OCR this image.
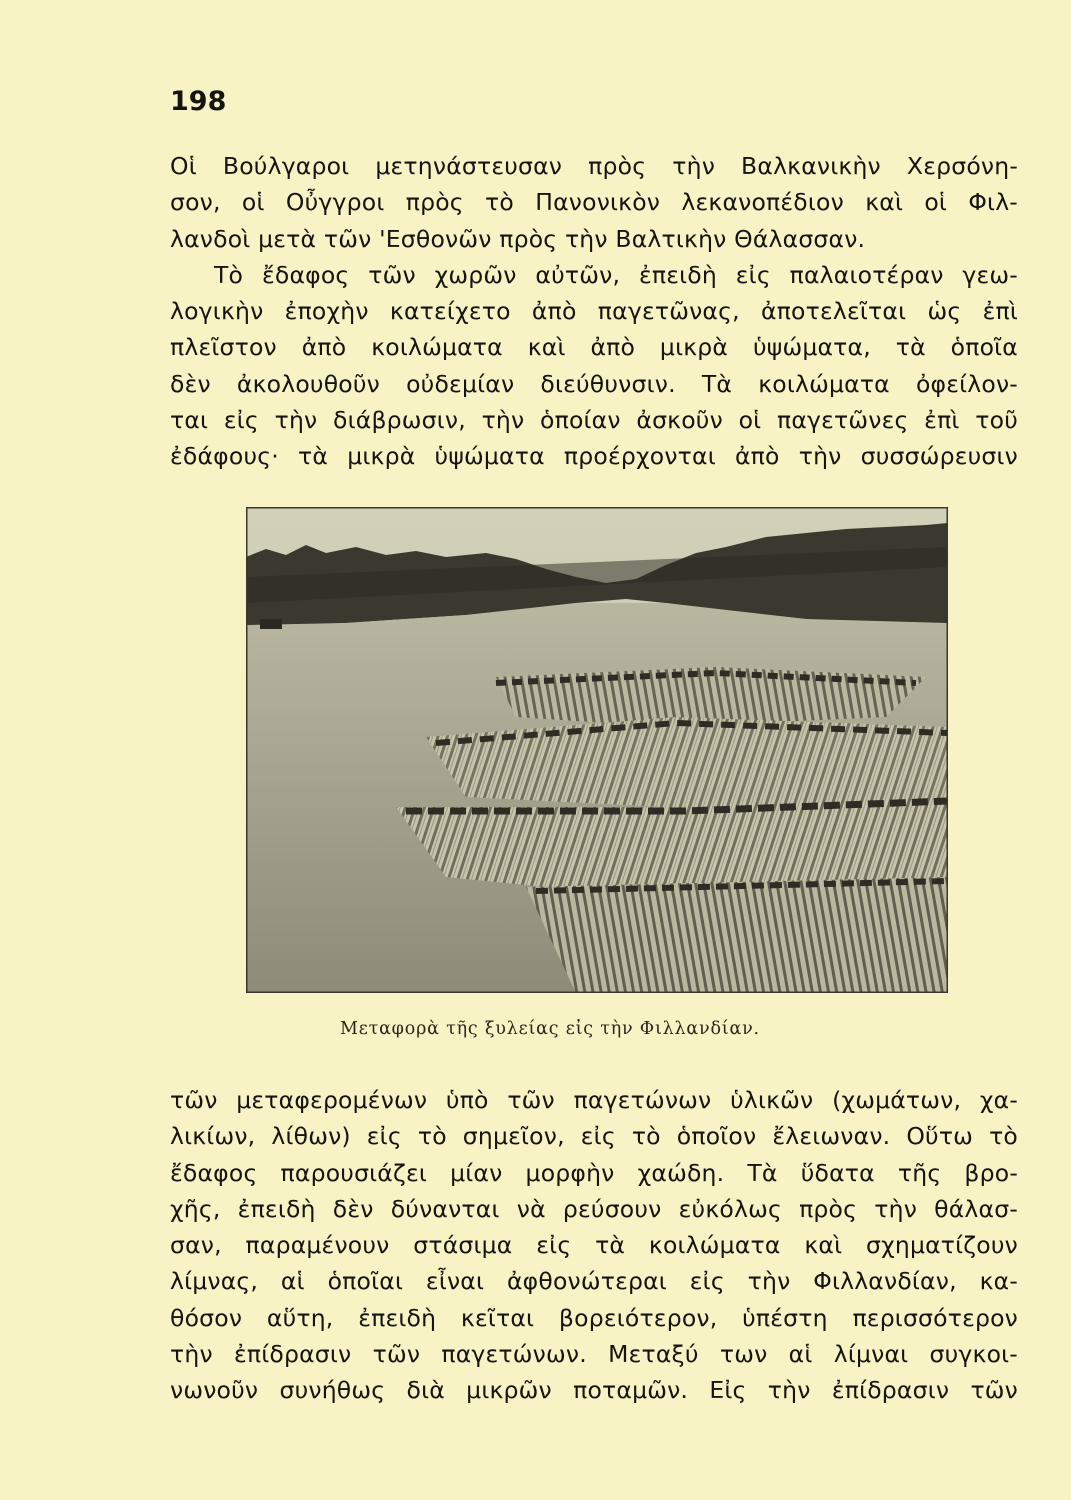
198
Οἱ Βούλγαροι μετηνάστευσαν πρὸς τὴν Βαλκανικὴν Χερσόνη-
σον, οἱ Οὖγγροι πρὸς τὸ Πανονικὸν λεκανοπέδιον καὶ οἱ Φιλ-
λανδοὶ μετὰ τῶν 'Εσθονῶν πρὸς τὴν Βαλτικὴν Θάλασσαν.
Τὸ ἔδαφος τῶν χωρῶν αὐτῶν, ἐπειδὴ εἰς παλαιοτέραν γεω-
λογικὴν ἐποχὴν κατείχετο ἀπὸ παγετῶνας, ἀποτελεῖται ὡς ἐπὶ
πλεῖστον ἀπὸ κοιλώματα καὶ ἀπὸ μικρὰ ὑψώματα, τὰ ὁποῖα
δὲν ἀκολουθοῦν οὐδεμίαν διεύθυνσιν. Τὰ κοιλώματα ὀφείλον-
ται εἰς τὴν διάβρωσιν, τὴν ὁποίαν ἀσκοῦν οἱ παγετῶνες ἐπὶ τοῦ
ἐδάφους· τὰ μικρὰ ὑψώματα προέρχονται ἀπὸ τὴν συσσώρευσιν
Μεταφορὰ τῆς ξυλείας εἰς τὴν Φιλλανδίαν.
τῶν μεταφερομένων ὑπὸ τῶν παγετώνων ὑλικῶν (χωμάτων, χα-
λικίων, λίθων) εἰς τὸ σημεῖον, εἰς τὸ ὁποῖον ἔλειωναν. Οὕτω τὸ
ἔδαφος παρουσιάζει μίαν μορφὴν χαώδη. Τὰ ὕδατα τῆς βρο-
χῆς, ἐπειδὴ δὲν δύνανται νὰ ρεύσουν εὐκόλως πρὸς τὴν θάλασ-
σαν, παραμένουν στάσιμα εἰς τὰ κοιλώματα καὶ σχηματίζουν
λίμνας, αἱ ὁποῖαι εἶναι ἀφθονώτεραι εἰς τὴν Φιλλανδίαν, κα-
θόσον αὕτη, ἐπειδὴ κεῖται βορειότερον, ὑπέστη περισσότερον
τὴν ἐπίδρασιν τῶν παγετώνων. Μεταξύ των αἱ λίμναι συγκοι-
νωνοῦν συνήθως διὰ μικρῶν ποταμῶν. Εἰς τὴν ἐπίδρασιν τῶν
